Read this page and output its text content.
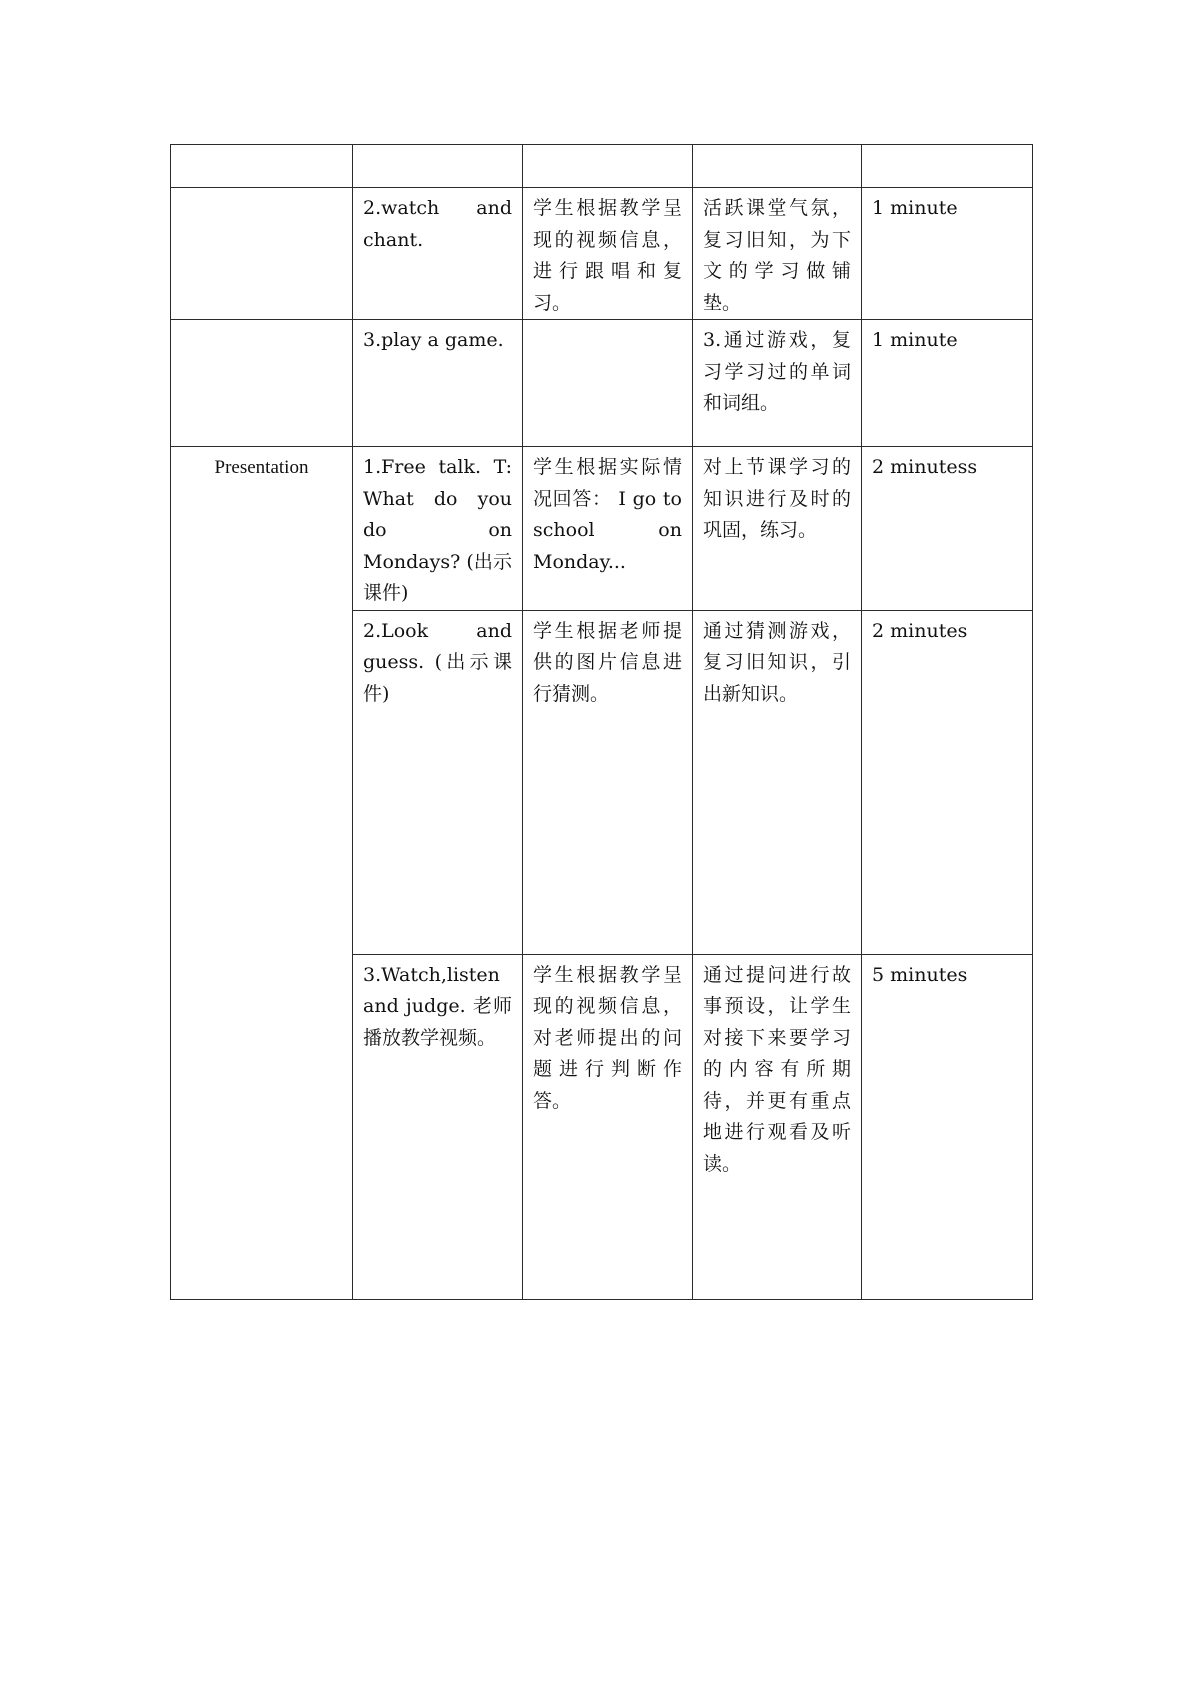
	2.watch and chant.	学生根据教学呈现的视频信息，进行跟唱和复习。	活跃课堂气氛，复习旧知，为下文的学习做铺垫。	1 minute
	3.play a game.		3.通过游戏，复习学习过的单词和词组。	1 minute
Presentation	1.Free talk. T: What do you do on Mondays? (出示课件)	学生根据实际情况回答： I go to school on Monday...	对上节课学习的知识进行及时的巩固，练习。	2 minutess
	2.Look and guess. (出示课件)	学生根据老师提供的图片信息进行猜测。	通过猜测游戏，复习旧知识，引出新知识。	2 minutes
	3.Watch,listen and judge. 老师播放教学视频。	学生根据教学呈现的视频信息，对老师提出的问题进行判断作答。	通过提问进行故事预设，让学生对接下来要学习的内容有所期待，并更有重点地进行观看及听读。	5 minutes
